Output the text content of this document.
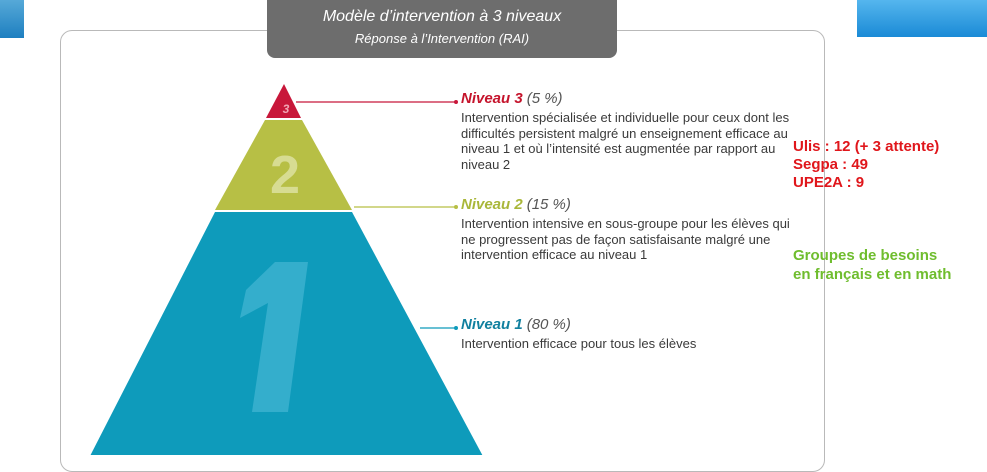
Modèle d’intervention à 3 niveaux
Réponse à l’Intervention (RAI)
2
3
Niveau 3 (5 %)
Intervention spécialisée et individuelle pour ceux dont les difficultés persistent malgré un enseignement efficace au niveau 1 et où l’intensité est augmentée par rapport au niveau 2
Niveau 2 (15 %)
Intervention intensive en sous-groupe pour les élèves qui ne progressent pas de façon satisfaisante malgré une intervention efficace au niveau 1
Niveau 1 (80 %)
Intervention efficace pour tous les élèves
Ulis : 12 (+ 3 attente)
Segpa : 49
UPE2A : 9
Groupes de besoins
en français et en math
